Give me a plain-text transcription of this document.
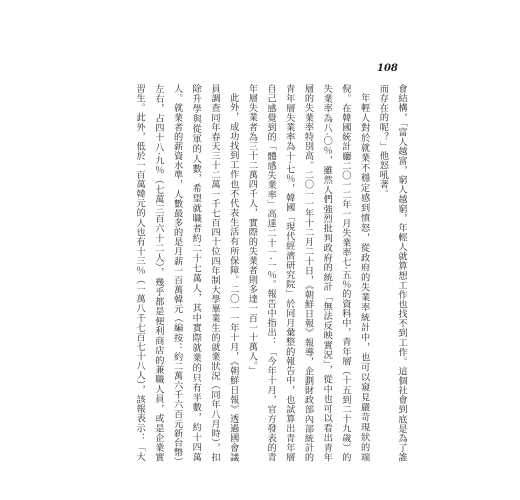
108

會結構，「富人越富，窮人越窮，年輕人就算想工作也找不到工作。這個社會到底是為了誰而存在的呢？」他怒吼著。

年輕人對於就業不穩定感到憤怒，從政府的失業率統計中，也可以窺見嚴苛現狀的端倪。在韓國統計廳二〇一二年一月失業率七·五％的資料中，青年層（十五到二十九歲）的失業率為八·〇％，雖然人們強烈批判政府的統計「無法反映實況」，從中也可以看出青年層的失業率特別高。二〇一一年十二月二十日，《朝鮮日報》報導，企劃財政部內部統計的青年層失業率為十·七％，韓國「現代經濟研究院」於同月彙整的報告中，也試算出青年層自己感覺到的「體感失業率」高達二十一·一％。報告中指出：「今年十月，官方發表的青年層失業者為三十二萬四千人，實際的失業者則多達一百一十萬人。」

此外，成功找到工作也不代表生活有所保障。二〇一一年十月，《朝鮮日報》透過國會議員調查同年春天三十二萬一千七百四十位四年制大學畢業生的就業狀況（同年八月時），扣除升學與從軍的人數，希望就職者約二十七萬人，其中實際就業的只有半數，約十四萬人。就業者的薪資水準，人數最多的是月薪一百萬韓元（編按：約二萬六千六百元新台幣）左右，占四十八·九％（七萬三百六十二人），幾乎都是便利商店的兼職人員，或是企業實習生。此外，低於一百萬韓元的人也有十三％（一萬八千七百七十八人），該報表示：「大
